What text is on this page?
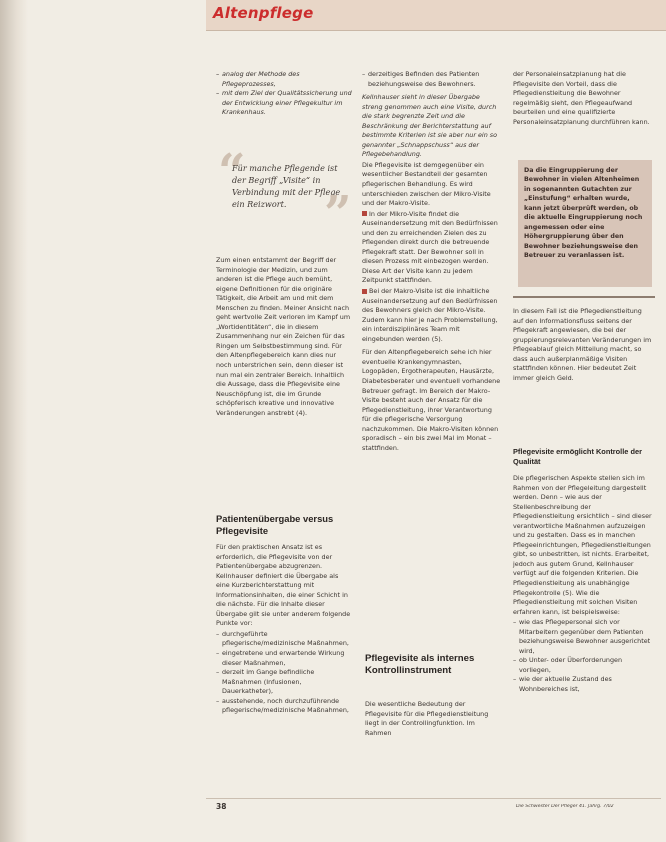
Altenpflege
– analog der Methode des Pflegeprozesses,
– mit dem Ziel der Qualitätssicherung und der Entwicklung einer Pflegekultur im Krankenhaus.
“

Für manche Pflegende ist der Begriff „Visite“ in Verbindung mit der Pflege ein Reizwort. ”

Zum einen entstammt der Begriff der Terminologie der Medizin, und zum anderen ist die Pflege auch bemüht, eigene Definitionen für die originäre Tätigkeit, die Arbeit am und mit dem Menschen zu finden. Meiner Ansicht nach geht wertvolle Zeit verloren im Kampf um „Wortidentitäten“, die in diesem Zusammenhang nur ein Zeichen für das Ringen um Selbstbestimmung sind. Für den Altenpflegebereich kann dies nur noch unterstrichen sein, denn dieser ist nun mal ein zentraler Bereich. Inhaltlich die Aussage, dass die Pflegevisite eine Neuschöpfung ist, die im Grunde schöpferisch kreative und innovative Veränderungen anstrebt (4).

Patientenübergabe versus Pflegevisite

Für den praktischen Ansatz ist es erforderlich, die Pflegevisite von der Patientenübergabe abzugrenzen. Kellnhauser definiert die Übergabe als eine Kurzberichterstattung mit Informationsinhalten, die einer Schicht in die nächste. Für die Inhalte dieser Übergabe gilt sie unter anderem folgende Punkte vor:

– durchgeführte pflegerische/medizinische Maßnahmen,
– eingetretene und erwartende Wirkung dieser Maßnahmen,
– derzeit im Gange befindliche Maßnahmen (Infusionen, Dauerkatheter),
– ausstehende, noch durchzuführende pflegerische/medizinische Maßnahmen,
– derzeitiges Befinden des Patienten beziehungsweise des Bewohners.

Kellnhauser sieht in dieser Übergabe streng genommen auch eine Visite, durch die stark begrenzte Zeit und die Beschränkung der Berichterstattung auf bestimmte Kriterien ist sie aber nur ein so genannter „Schnappschuss“ aus der Pflegebehandlung.

Die Pflegevisite ist demgegenüber ein wesentlicher Bestandteil der gesamten pflegerischen Behandlung. Es wird unterschieden zwischen der Mikro-Visite und der Makro-Visite.

In der Mikro-Visite findet die Auseinandersetzung mit den Bedürfnissen und den zu erreichenden Zielen des zu Pflegenden direkt durch die betreuende Pflegekraft statt. Der Bewohner soll in diesen Prozess mit einbezogen werden. Diese Art der Visite kann zu jedem Zeitpunkt stattfinden.

Bei der Makro-Visite ist die inhaltliche Auseinandersetzung auf den Bedürfnissen des Bewohners gleich der Mikro-Visite. Zudem kann hier je nach Problemstellung, ein interdisziplinäres Team mit eingebunden werden (5).

Für den Altenpflegebereich sehe ich hier eventuelle Krankengymnasten, Logopäden, Ergotherapeuten, Hausärzte, Diabetesberater und eventuell vorhandene Betreuer gefragt. Im Bereich der Makro-Visite besteht auch der Ansatz für die Pflegedienstleitung, ihrer Verantwortung für die pflegerische Versorgung nachzukommen. Die Makro-Visiten können sporadisch – ein bis zwei Mal im Monat – stattfinden.

Pflegevisite als internes Kontrollinstrument

Die wesentliche Bedeutung der Pflegevisite für die Pflegedienstleitung liegt in der Controllingfunktion. Im Rahmen

der Personaleinsatzplanung hat die Pflegevisite den Vorteil, dass die Pflegedienstleitung die Bewohner regelmäßig sieht, den Pflegeaufwand beurteilen und eine qualifizierte Personaleinsatzplanung durchführen kann.

Da die Eingruppierung der Bewohner in vielen Altenheimen in sogenannten Gutachten zur „Einstufung“ erhalten wurde, kann jetzt überprüft werden, ob die aktuelle Eingruppierung noch angemessen oder eine Höhergruppierung über den Bewohner beziehungsweise den Betreuer zu veranlassen ist.

In diesem Fall ist die Pflegedienstleitung auf den Informationsfluss seitens der Pflegekraft angewiesen, die bei der gruppierungsrelevanten Veränderungen im Pflegeablauf gleich Mitteilung macht, so dass auch außerplanmäßige Visiten stattfinden können. Hier bedeutet Zeit immer gleich Geld.

Pflegevisite ermöglicht Kontrolle der Qualität

Die pflegerischen Aspekte stellen sich im Rahmen von der Pflegeleitung dargestellt werden. Denn – wie aus der Stellenbeschreibung der Pflegedienstleitung ersichtlich – sind dieser verantwortliche Maßnahmen aufzuzeigen und zu gestalten. Dass es in manchen Pflegeeinrichtungen, Pflegedienstleitungen gibt, so unbestritten, ist nichts. Erarbeitet, jedoch aus gutem Grund, Kellnhauser verfügt auf die folgenden Kriterien. Die Pflegedienstleitung als unabhängige Pflegekontrolle (5). Wie die Pflegedienstleitung mit solchen Visiten erfahren kann, ist beispielsweise:

– wie das Pflegepersonal sich vor Mitarbeitern gegenüber dem Patienten beziehungsweise Bewohner ausgerichtet wird,
– ob Unter- oder Überforderungen vorliegen,
– wie der aktuelle Zustand des Wohnbereiches ist,
38	Die Schwester Der Pfleger 41. Jahrg. 7/02
